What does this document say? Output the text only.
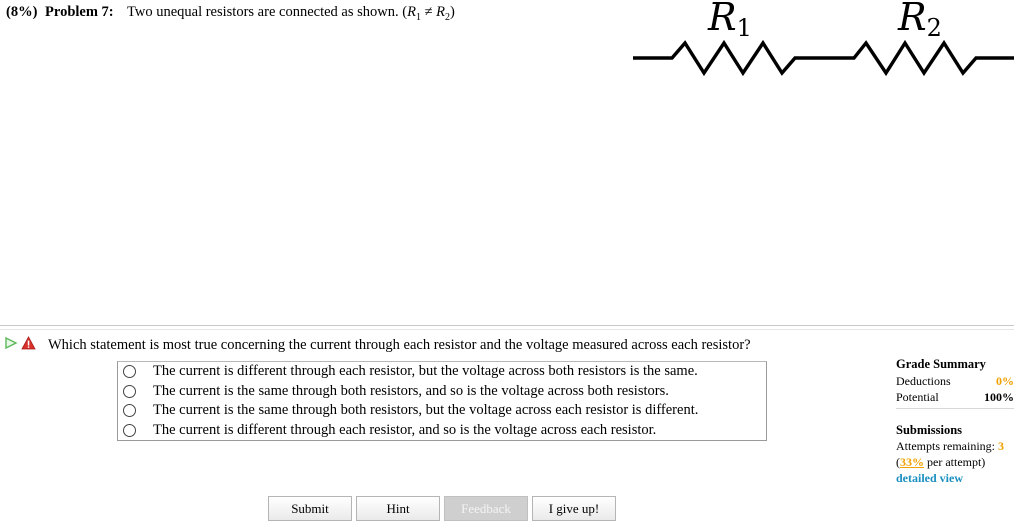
(8%) Problem 7: Two unequal resistors are connected as shown. $(R_1 \ne R_2)$	$R_1$	$R_2$
Which statement is most true concerning the current through each resistor and the voltage measured across each resistor?
The current is different through each resistor, but the voltage across both resistors is the same.
The current is the same through both resistors, and so is the voltage across both resistors.
The current is the same through both resistors, but the voltage across each resistor is different.
The current is different through each resistor, and so is the voltage across each resistor.
Submit	Hint	Feedback	I give up!
Grade Summary
Deductions	0%
Potential	100%
Submissions
Attempts remaining: 3
(33% per attempt)
detailed view
